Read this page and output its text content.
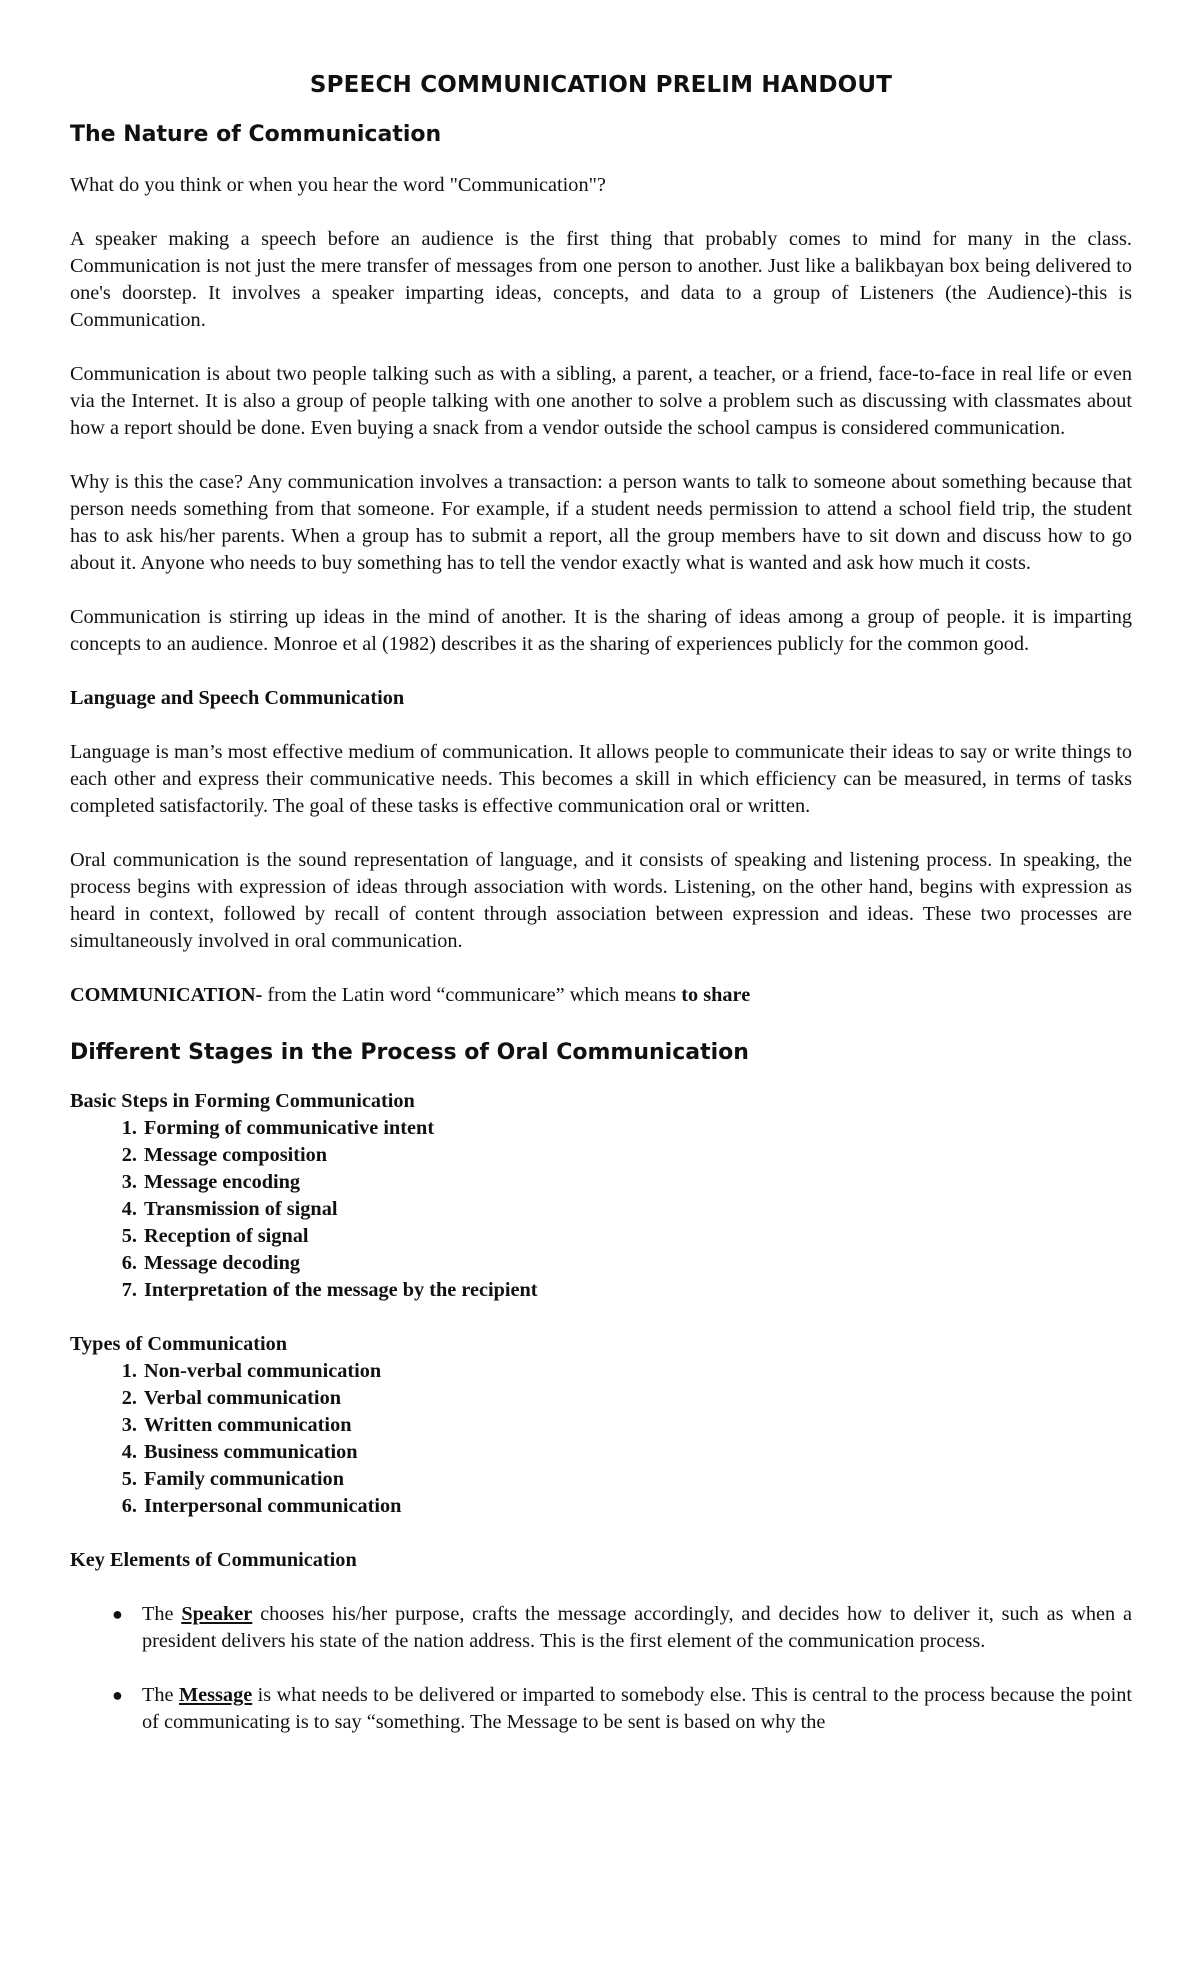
SPEECH COMMUNICATION PRELIM HANDOUT
The Nature of Communication

What do you think or when you hear the word "Communication"?

A speaker making a speech before an audience is the first thing that probably comes to mind for many in the class. Communication is not just the mere transfer of messages from one person to another. Just like a balikbayan box being delivered to one's doorstep. It involves a speaker imparting ideas, concepts, and data to a group of Listeners (the Audience)-this is Communication.

Communication is about two people talking such as with a sibling, a parent, a teacher, or a friend, face-to-face in real life or even via the Internet. It is also a group of people talking with one another to solve a problem such as discussing with classmates about how a report should be done. Even buying a snack from a vendor outside the school campus is considered communication.

Why is this the case? Any communication involves a transaction: a person wants to talk to someone about something because that person needs something from that someone. For example, if a student needs permission to attend a school field trip, the student has to ask his/her parents. When a group has to submit a report, all the group members have to sit down and discuss how to go about it. Anyone who needs to buy something has to tell the vendor exactly what is wanted and ask how much it costs.

Communication is stirring up ideas in the mind of another. It is the sharing of ideas among a group of people. it is imparting concepts to an audience. Monroe et al (1982) describes it as the sharing of experiences publicly for the common good.

Language and Speech Communication

Language is man’s most effective medium of communication. It allows people to communicate their ideas to say or write things to each other and express their communicative needs. This becomes a skill in which efficiency can be measured, in terms of tasks completed satisfactorily. The goal of these tasks is effective communication oral or written.

Oral communication is the sound representation of language, and it consists of speaking and listening process. In speaking, the process begins with expression of ideas through association with words. Listening, on the other hand, begins with expression as heard in context, followed by recall of content through association between expression and ideas. These two processes are simultaneously involved in oral communication.

COMMUNICATION- from the Latin word “communicare” which means to share

Different Stages in the Process of Oral Communication
Basic Steps in Forming Communication
1. Forming of communicative intent
2. Message composition
3. Message encoding
4. Transmission of signal
5. Reception of signal
6. Message decoding
7. Interpretation of the message by the recipient
Types of Communication
1. Non-verbal communication
2. Verbal communication
3. Written communication
4. Business communication
5. Family communication
6. Interpersonal communication
Key Elements of Communication
● The Speaker chooses his/her purpose, crafts the message accordingly, and decides how to deliver it, such as when a president delivers his state of the nation address. This is the first element of the communication process.
● The Message is what needs to be delivered or imparted to somebody else. This is central to the process because the point of communicating is to say “something. The Message to be sent is based on why the
